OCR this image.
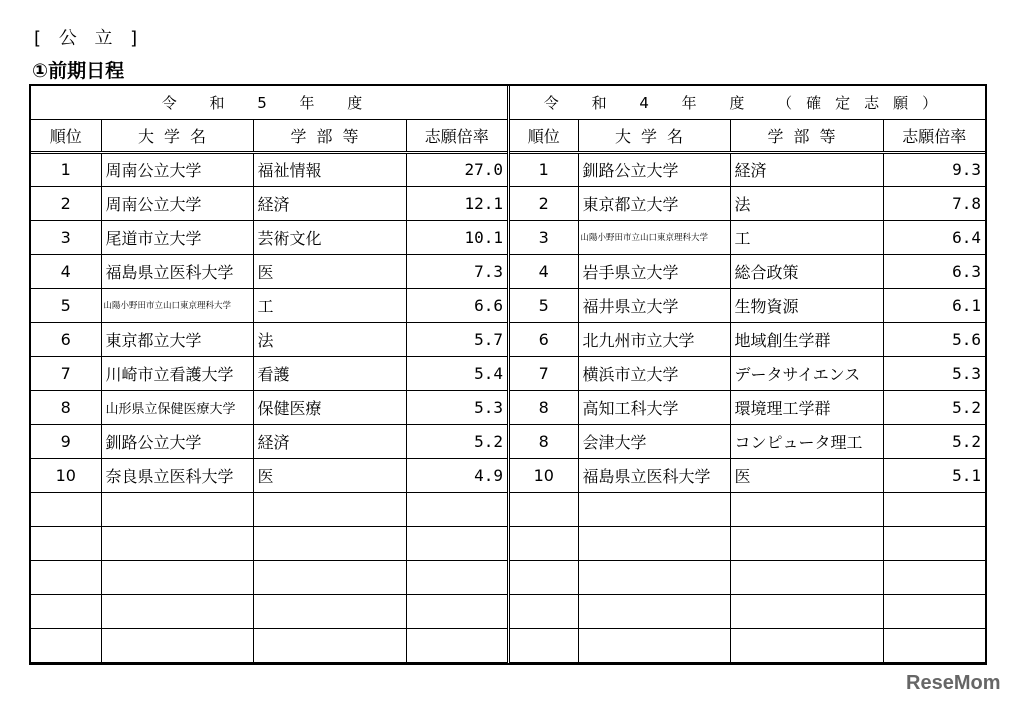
[ 公 立 ]
①前期日程
令 和 5 年 度			
順位	大学名	学部等	志願倍率
1	周南公立大学	福祉情報	27.0
2	周南公立大学	経済	12.1
3	尾道市立大学	芸術文化	10.1
4	福島県立医科大学	医	7.3
5	山陽小野田市立山口東京理科大学	工	6.6
6	東京都立大学	法	5.7
7	川崎市立看護大学	看護	5.4
8	山形県立保健医療大学	保健医療	5.3
9	釧路公立大学	経済	5.2
10	奈良県立医科大学	医	4.9

令 和 4 年 度 （確定志願）			
順位	大学名	学部等	志願倍率
1	釧路公立大学	経済	9.3
2	東京都立大学	法	7.8
3	山陽小野田市立山口東京理科大学	工	6.4
4	岩手県立大学	総合政策	6.3
5	福井県立大学	生物資源	6.1
6	北九州市立大学	地域創生学群	5.6
7	横浜市立大学	データサイエンス	5.3
8	高知工科大学	環境理工学群	5.2
8	会津大学	コンピュータ理工	5.2
10	福島県立医科大学	医	5.1

ReseMom
